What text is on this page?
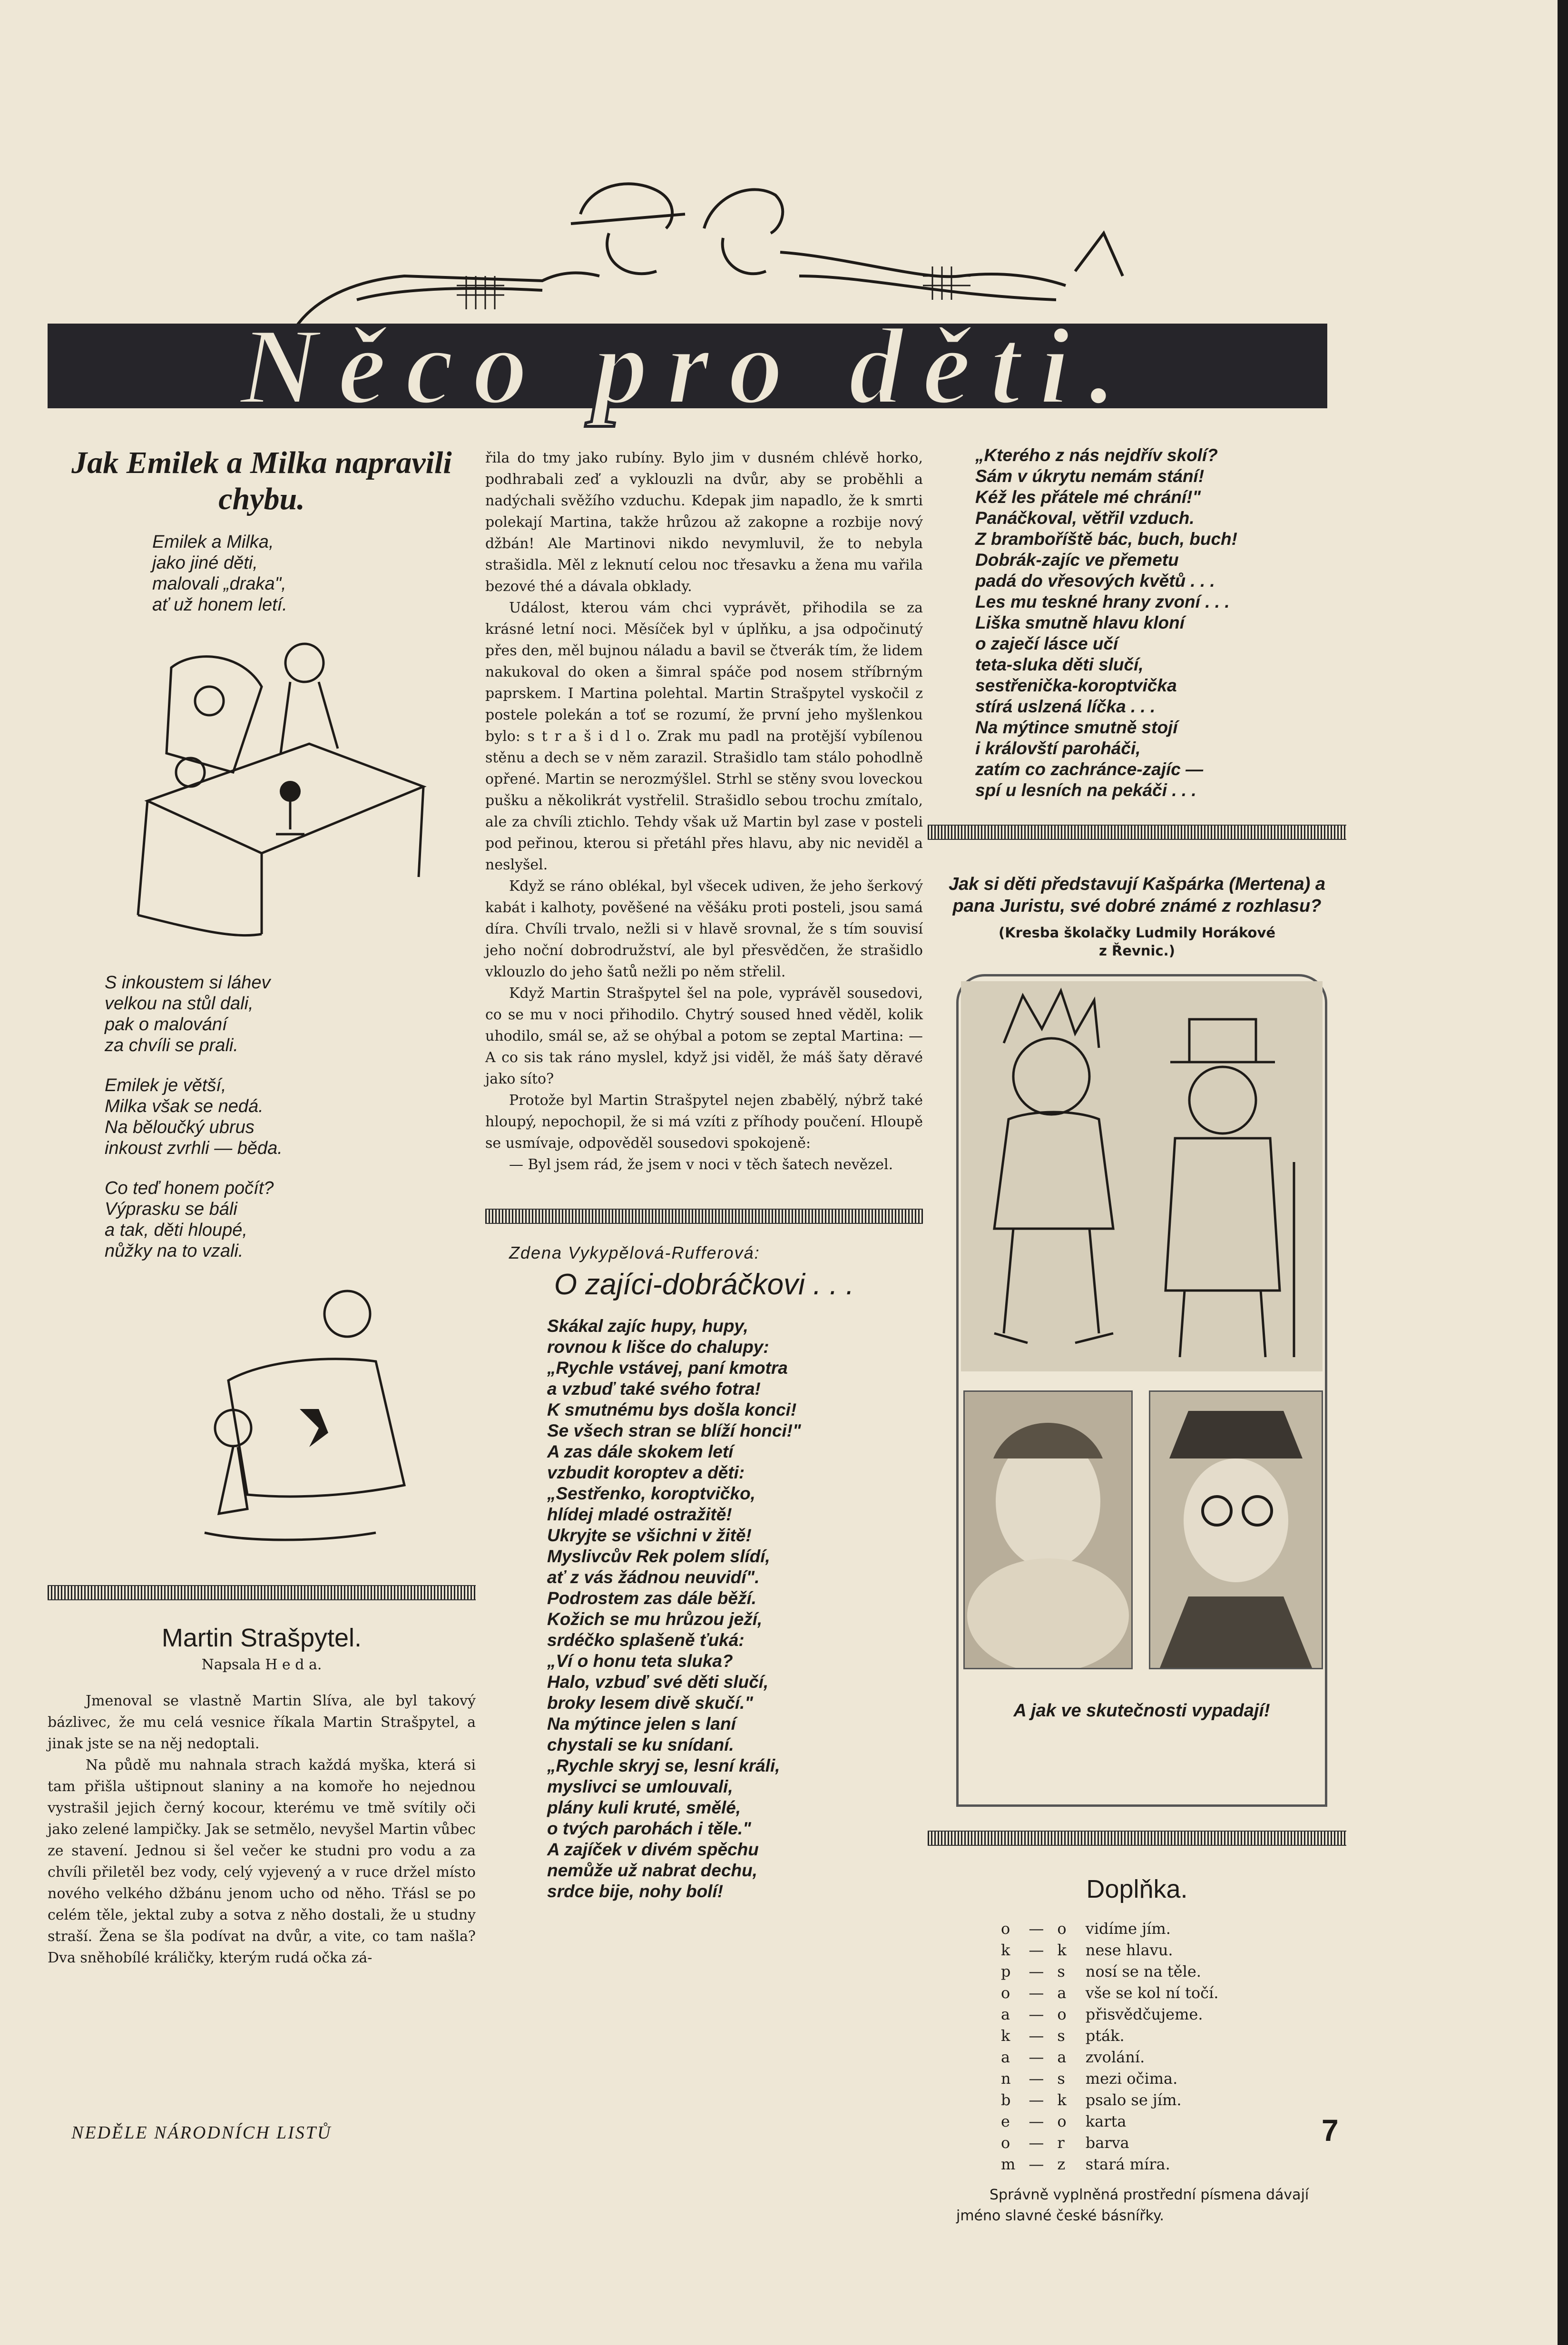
Něco pro děti.
Jak Emilek a Milka napravili chybu.

Emilek a Milka,
jako jiné děti,
malovali „draka",
ať už honem letí.

S inkoustem si láhev
velkou na stůl dali,
pak o malování
za chvíli se prali.

Emilek je větší,
Milka však se nedá.
Na běloučký ubrus
inkoust zvrhli — běda.

Co teď honem počít?
Výprasku se báli
a tak, děti hloupé,
nůžky na to vzali.

Martin Strašpytel.
Napsala H e d a.

Jmenoval se vlastně Martin Slíva, ale byl takový bázlivec, že mu celá vesnice říkala Martin Strašpytel, a jinak jste se na něj nedoptali.

Na půdě mu nahnala strach každá myška, která si tam přišla uštipnout slaniny a na komoře ho nejednou vystrašil jejich černý kocour, kterému ve tmě svítily oči jako zelené lampičky. Jak se setmělo, nevyšel Martin vůbec ze stavení. Jednou si šel večer ke studni pro vodu a za chvíli přiletěl bez vody, celý vyjevený a v ruce držel místo nového velkého džbánu jenom ucho od něho. Třásl se po celém těle, jektal zuby a sotva z něho dostali, že u studny straší. Žena se šla podívat na dvůr, a vite, co tam našla? Dva sněhobílé králičky, kterým rudá očka zá-

řila do tmy jako rubíny. Bylo jim v dusném chlévě horko, podhrabali zeď a vyklouzli na dvůr, aby se proběhli a nadýchali svěžího vzduchu. Kdepak jim napadlo, že k smrti polekají Martina, takže hrůzou až zakopne a rozbije nový džbán! Ale Martinovi nikdo nevymluvil, že to nebyla strašidla. Měl z leknutí celou noc třesavku a žena mu vařila bezové thé a dávala obklady.

Událost, kterou vám chci vyprávět, přihodila se za krásné letní noci. Měsíček byl v úplňku, a jsa odpočinutý přes den, měl bujnou náladu a bavil se čtverák tím, že lidem nakukoval do oken a šimral spáče pod nosem stříbrným paprskem. I Martina polehtal. Martin Strašpytel vyskočil z postele polekán a toť se rozumí, že první jeho myšlenkou bylo: s t r a š i d l o. Zrak mu padl na protější vybílenou stěnu a dech se v něm zarazil. Strašidlo tam stálo pohodlně opřené. Martin se nerozmýšlel. Strhl se stěny svou loveckou pušku a několikrát vystřelil. Strašidlo sebou trochu zmítalo, ale za chvíli ztichlo. Tehdy však už Martin byl zase v posteli pod peřinou, kterou si přetáhl přes hlavu, aby nic neviděl a neslyšel.

Když se ráno oblékal, byl všecek udiven, že jeho šerkový kabát i kalhoty, pověšené na věšáku proti posteli, jsou samá díra. Chvíli trvalo, nežli si v hlavě srovnal, že s tím souvisí jeho noční dobrodružství, ale byl přesvědčen, že strašidlo vklouzlo do jeho šatů nežli po něm střelil.

Když Martin Strašpytel šel na pole, vyprávěl sousedovi, co se mu v noci přihodilo. Chytrý soused hned věděl, kolik uhodilo, smál se, až se ohýbal a potom se zeptal Martina: — A co sis tak ráno myslel, když jsi viděl, že máš šaty děravé jako síto?

Protože byl Martin Strašpytel nejen zbabělý, nýbrž také hloupý, nepochopil, že si má vzíti z příhody poučení. Hloupě se usmívaje, odpověděl sousedovi spokojeně:

— Byl jsem rád, že jsem v noci v těch šatech nevězel.

Zdena Vykypělová-Rufferová:
O zajíci-dobráčkovi . . .

Skákal zajíc hupy, hupy,
rovnou k lišce do chalupy:
„Rychle vstávej, paní kmotra
a vzbuď také svého fotra!
K smutnému bys došla konci!
Se všech stran se blíží honci!"
A zas dále skokem letí
vzbudit koroptev a děti:
„Sestřenko, koroptvičko,
hlídej mladé ostražitě!
Ukryjte se všichni v žitě!
Myslivcův Rek polem slídí,
ať z vás žádnou neuvidí".
Podrostem zas dále běží.
Kožich se mu hrůzou ježí,
srdéčko splašeně ťuká:
„Ví o honu teta sluka?
Halo, vzbuď své děti slučí,
broky lesem divě skučí."
Na mýtince jelen s laní
chystali se ku snídaní.
„Rychle skryj se, lesní králi,
myslivci se umlouvali,
plány kuli kruté, smělé,
o tvých parohách i těle."
A zajíček v divém spěchu
nemůže už nabrat dechu,
srdce bije, nohy bolí!

„Kterého z nás nejdřív skolí?
Sám v úkrytu nemám stání!
Kéž les přátele mé chrání!"
Panáčkoval, větřil vzduch.
Z bramboříště bác, buch, buch!
Dobrák-zajíc ve přemetu
padá do vřesových květů . . .
Les mu teskné hrany zvoní . . .
Liška smutně hlavu kloní
o zaječí lásce učí
teta-sluka děti slučí,
sestřenička-koroptvička
stírá uslzená líčka . . .
Na mýtince smutně stojí
i královští paroháči,
zatím co zachránce-zajíc —
spí u lesních na pekáči . . .

Jak si děti představují Kašpárka (Mertena) a pana Juristu, své dobré známé z rozhlasu?

(Kresba školačky Ludmily Horákové
z Řevnic.)

A jak ve skutečnosti vypadají!

Doplňka.
o	—	o	vidíme jím.
k	—	k	nese hlavu.
p	—	s	nosí se na těle.
o	—	a	vše se kol ní točí.
a	—	o	přisvědčujeme.
k	—	s	pták.
a	—	a	zvolání.
n	—	s	mezi očima.
b	—	k	psalo se jím.
e	—	o	karta
o	—	r	barva
m	—	z	stará míra.

Správně vyplněná prostřední písmena dávají jméno slavné české básnířky.

NEDĚLE NÁRODNÍCH LISTŮ	7
